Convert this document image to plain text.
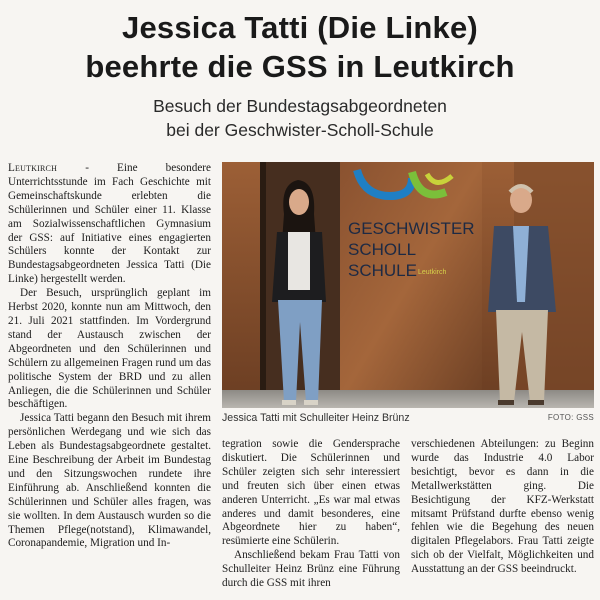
Jessica Tatti (Die Linke)
beehrte die GSS in Leutkirch
Besuch der Bundestagsabgeordneten
bei der Geschwister-Scholl-Schule

Leutkirch - Eine besondere Unterrichtsstunde im Fach Geschichte mit Gemeinschaftskunde erlebten die Schülerinnen und Schüler einer 11. Klasse am Sozialwissenschaftlichen Gymnasium der GSS: auf Initiative eines engagierten Schülers konnte der Kontakt zur Bundestagsabgeordneten Jessica Tatti (Die Linke) hergestellt werden.

Der Besuch, ursprünglich geplant im Herbst 2020, konnte nun am Mittwoch, den 21. Juli 2021 stattfinden. Im Vordergrund stand der Austausch zwischen der Abgeordneten und den Schülerinnen und Schülern zu allgemeinen Fragen rund um das politische System der BRD und zu allen Anliegen, die die Schülerinnen und Schüler beschäftigen.

Jessica Tatti begann den Besuch mit ihrem persönlichen Werdegang und wie sich das Leben als Bundestagsabgeordnete gestaltet. Eine Beschreibung der Arbeit im Bundestag und den Sitzungswochen rundete ihre Einführung ab. Anschließend konnten die Schülerinnen und Schüler alles fragen, was sie wollten. In dem Austausch wurden so die Themen Pflege(notstand), Klimawandel, Coronapandemie, Migration und In-

GESCHWISTER
SCHOLL
SCHULE Leutkirch
Jessica Tatti mit Schulleiter Heinz Brünz	FOTO: GSS

tegration sowie die Gendersprache diskutiert. Die Schülerinnen und Schüler zeigten sich sehr interessiert und freuten sich über einen etwas anderen Unterricht. „Es war mal etwas anderes und damit besonderes, eine Abgeordnete hier zu haben“, resümierte eine Schülerin.

Anschließend bekam Frau Tatti von Schulleiter Heinz Brünz eine Führung durch die GSS mit ihren

verschiedenen Abteilungen: zu Beginn wurde das Industrie 4.0 Labor besichtigt, bevor es dann in die Metallwerkstätten ging. Die Besichtigung der KFZ-Werkstatt mitsamt Prüfstand durfte ebenso wenig fehlen wie die Begehung des neuen digitalen Pflegelabors. Frau Tatti zeigte sich ob der Vielfalt, Möglichkeiten und Ausstattung an der GSS beeindruckt.
